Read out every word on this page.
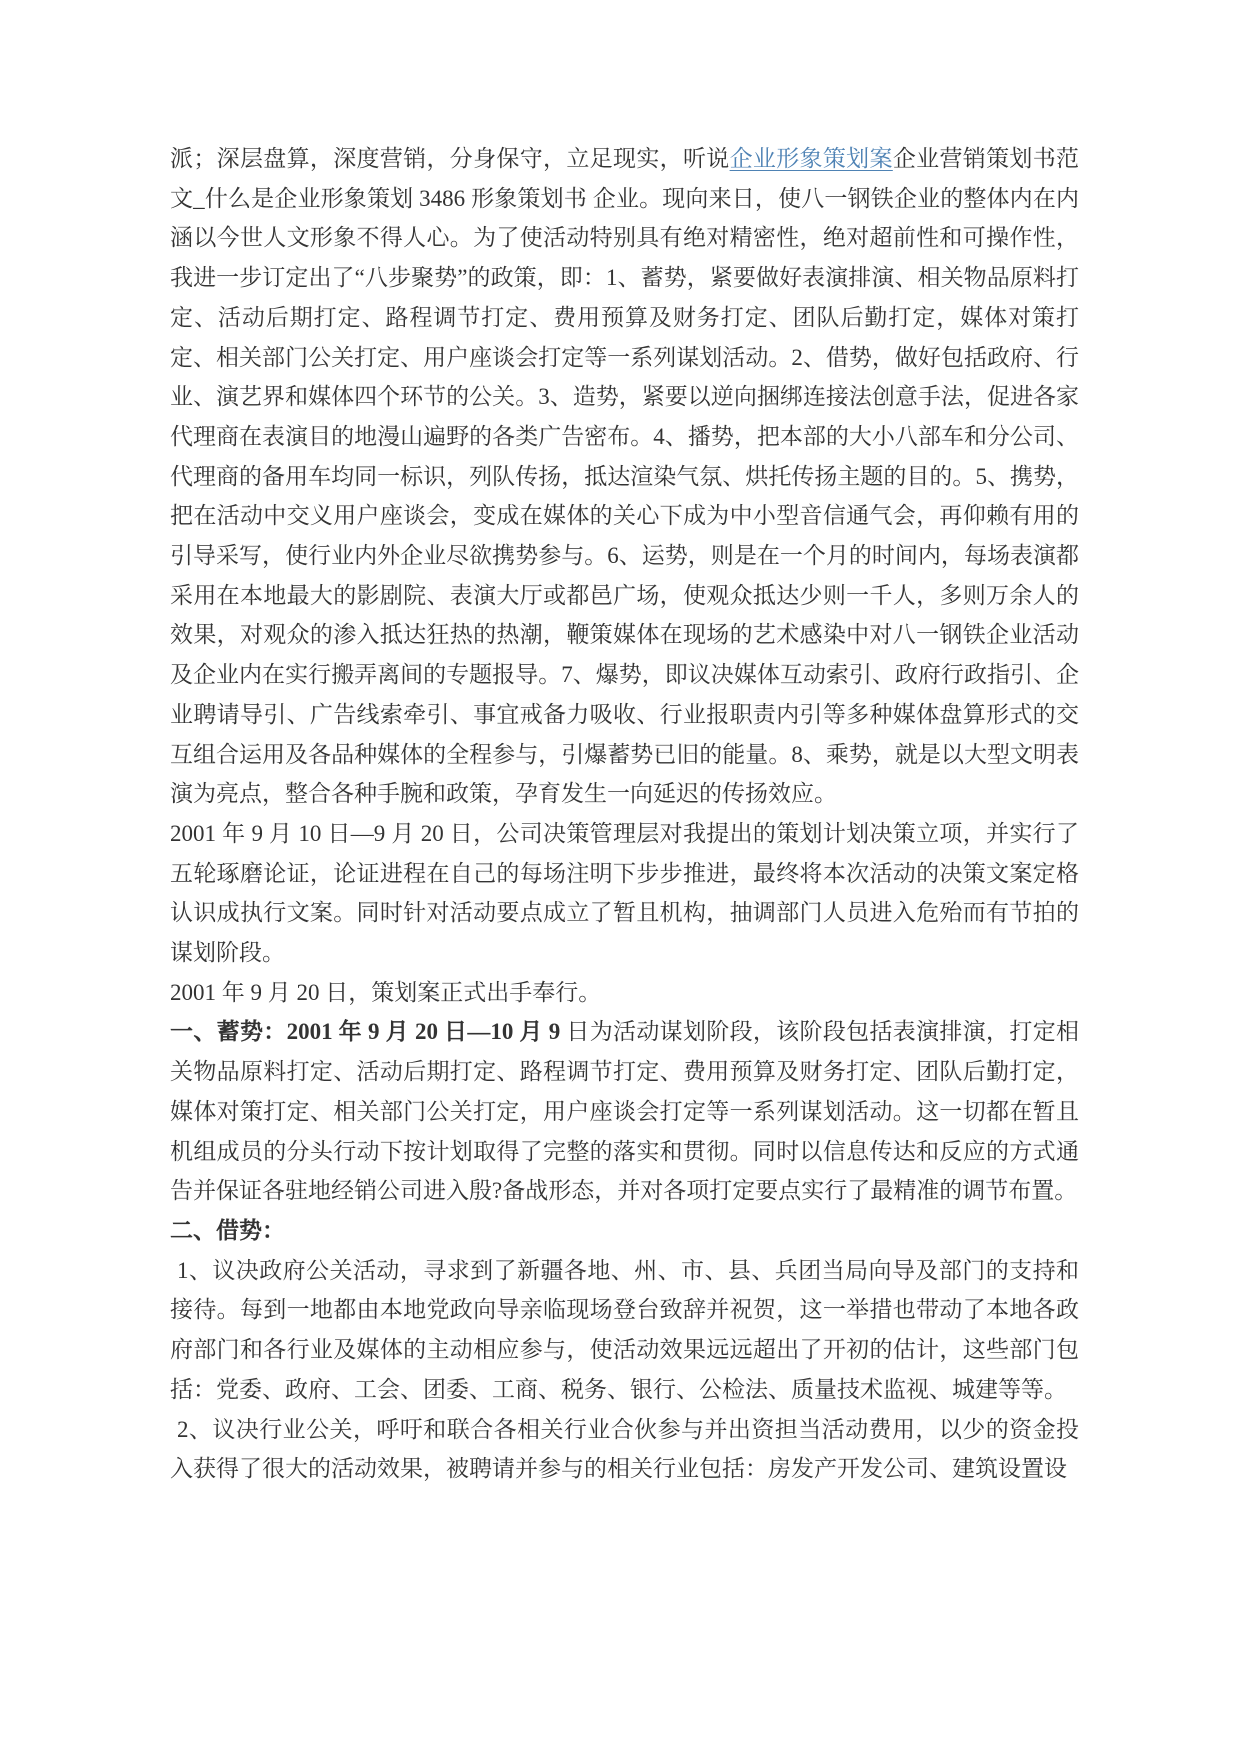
派；深层盘算，深度营销，分身保守，立足现实，听说企业形象策划案企业营销策划书范文_什么是企业形象策划 3486 形象策划书 企业。现向来日，使八一钢铁企业的整体内在内涵以今世人文形象不得人心。为了使活动特别具有绝对精密性，绝对超前性和可操作性，我进一步订定出了“八步聚势”的政策，即：1、蓄势，紧要做好表演排演、相关物品原料打定、活动后期打定、路程调节打定、费用预算及财务打定、团队后勤打定，媒体对策打定、相关部门公关打定、用户座谈会打定等一系列谋划活动。2、借势，做好包括政府、行业、演艺界和媒体四个环节的公关。3、造势，紧要以逆向捆绑连接法创意手法，促进各家代理商在表演目的地漫山遍野的各类广告密布。4、播势，把本部的大小八部车和分公司、代理商的备用车均同一标识，列队传扬，抵达渲染气氛、烘托传扬主题的目的。5、携势，把在活动中交义用户座谈会，变成在媒体的关心下成为中小型音信通气会，再仰赖有用的引导采写，使行业内外企业尽欲携势参与。6、运势，则是在一个月的时间内，每场表演都采用在本地最大的影剧院、表演大厅或都邑广场，使观众抵达少则一千人，多则万余人的效果，对观众的渗入抵达狂热的热潮，鞭策媒体在现场的艺术感染中对八一钢铁企业活动及企业内在实行搬弄离间的专题报导。7、爆势，即议决媒体互动索引、政府行政指引、企业聘请导引、广告线索牵引、事宜戒备力吸收、行业报职责内引等多种媒体盘算形式的交互组合运用及各品种媒体的全程参与，引爆蓄势已旧的能量。8、乘势，就是以大型文明表演为亮点，整合各种手腕和政策，孕育发生一向延迟的传扬效应。

2001 年 9 月 10 日—9 月 20 日，公司决策管理层对我提出的策划计划决策立项，并实行了五轮琢磨论证，论证进程在自己的每场注明下步步推进，最终将本次活动的决策文案定格认识成执行文案。同时针对活动要点成立了暂且机构，抽调部门人员进入危殆而有节拍的谋划阶段。

2001 年 9 月 20 日，策划案正式出手奉行。

一、蓄势：2001 年 9 月 20 日—10 月 9 日为活动谋划阶段，该阶段包括表演排演，打定相关物品原料打定、活动后期打定、路程调节打定、费用预算及财务打定、团队后勤打定，媒体对策打定、相关部门公关打定，用户座谈会打定等一系列谋划活动。这一切都在暂且机组成员的分头行动下按计划取得了完整的落实和贯彻。同时以信息传达和反应的方式通告并保证各驻地经销公司进入殷?备战形态，并对各项打定要点实行了最精准的调节布置。

二、借势：

1、议决政府公关活动，寻求到了新疆各地、州、市、县、兵团当局向导及部门的支持和接待。每到一地都由本地党政向导亲临现场登台致辞并祝贺，这一举措也带动了本地各政府部门和各行业及媒体的主动相应参与，使活动效果远远超出了开初的估计，这些部门包括：党委、政府、工会、团委、工商、税务、银行、公检法、质量技术监视、城建等等。

2、议决行业公关，呼吁和联合各相关行业合伙参与并出资担当活动费用，以少的资金投入获得了很大的活动效果，被聘请并参与的相关行业包括：房发产开发公司、建筑设置设
